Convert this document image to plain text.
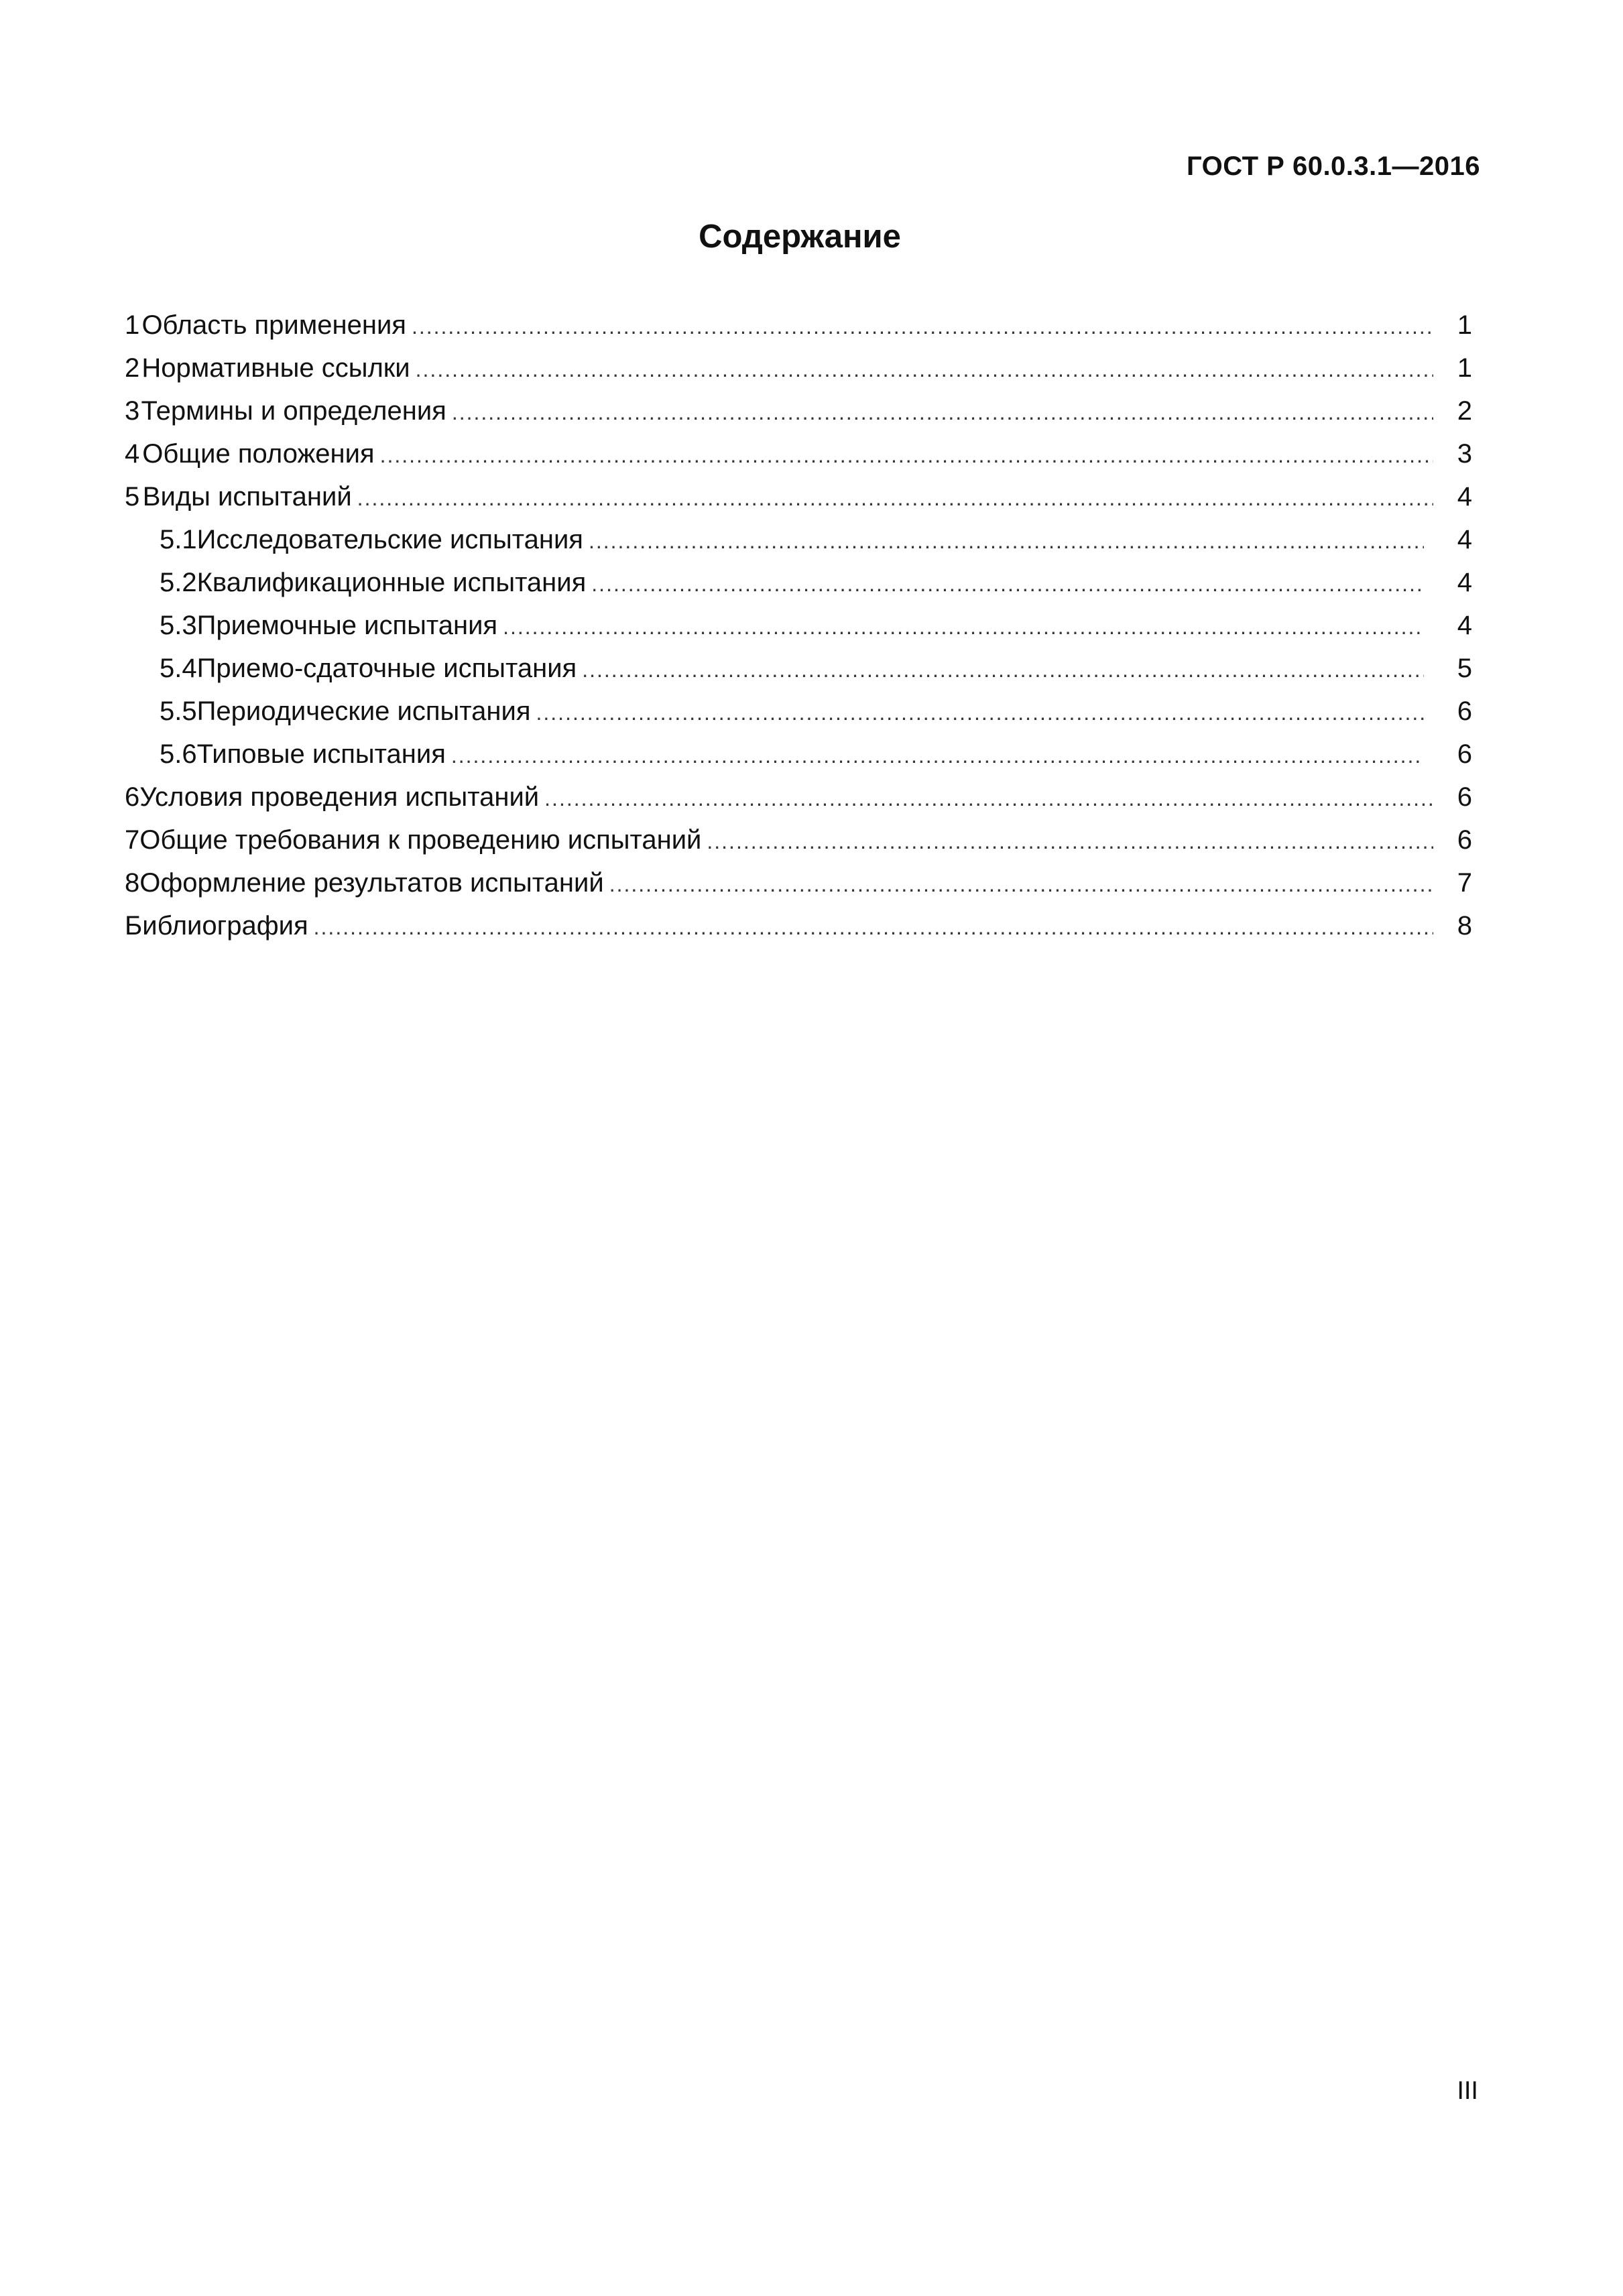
ГОСТ Р 60.0.3.1—2016
Содержание
1 Область применения .....	1
2 Нормативные ссылки .....	1
3 Термины и определения .....	2
4 Общие положения .....	3
5 Виды испытаний .....	4
5.1 Исследовательские испытания .....	4
5.2 Квалификационные испытания .....	4
5.3 Приемочные испытания .....	4
5.4 Приемо-сдаточные испытания .....	5
5.5 Периодические испытания .....	6
5.6 Типовые испытания .....	6
6 Условия проведения испытаний .....	6
7 Общие требования к проведению испытаний .....	6
8 Оформление результатов испытаний .....	7
Библиография .....	8
III
